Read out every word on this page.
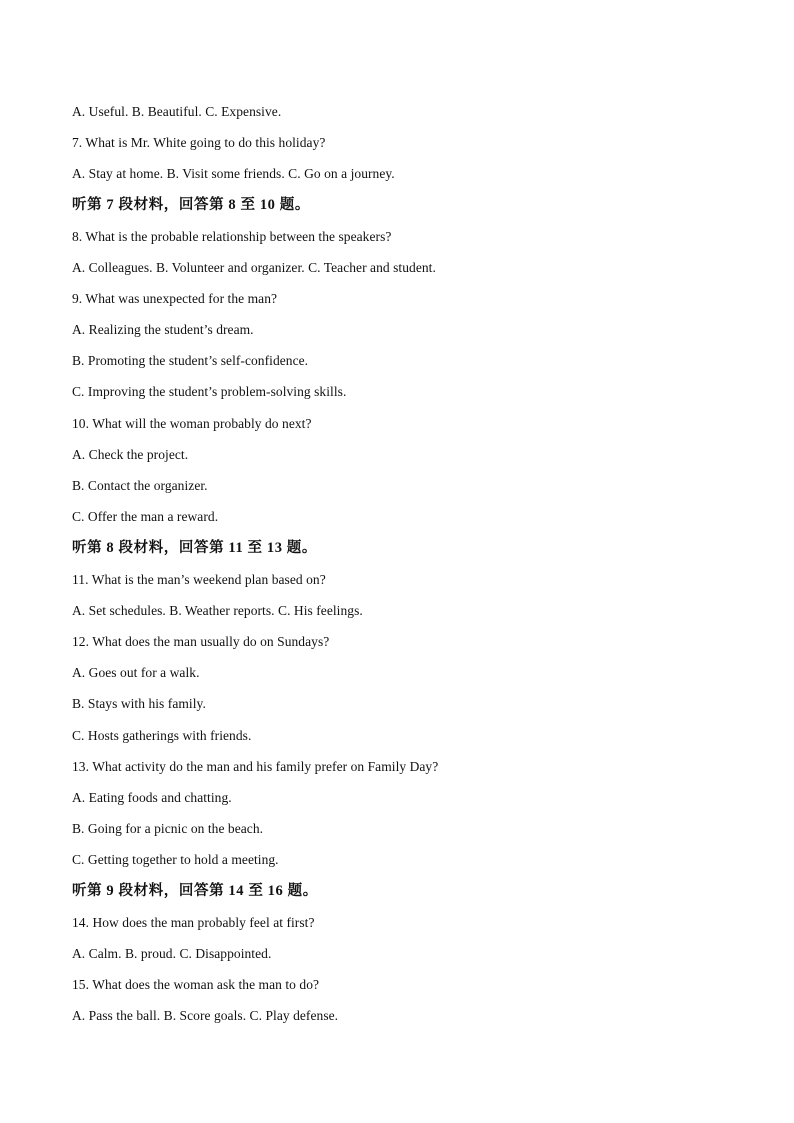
A. Useful. B. Beautiful. C. Expensive.
7. What is Mr. White going to do this holiday?
A. Stay at home. B. Visit some friends. C. Go on a journey.
听第 7 段材料，回答第 8 至 10 题。
8. What is the probable relationship between the speakers?
A. Colleagues. B. Volunteer and organizer. C. Teacher and student.
9. What was unexpected for the man?
A. Realizing the student’s dream.
B. Promoting the student’s self-confidence.
C. Improving the student’s problem-solving skills.
10. What will the woman probably do next?
A. Check the project.
B. Contact the organizer.
C. Offer the man a reward.
听第 8 段材料，回答第 11 至 13 题。
11. What is the man’s weekend plan based on?
A. Set schedules. B. Weather reports. C. His feelings.
12. What does the man usually do on Sundays?
A. Goes out for a walk.
B. Stays with his family.
C. Hosts gatherings with friends.
13. What activity do the man and his family prefer on Family Day?
A. Eating foods and chatting.
B. Going for a picnic on the beach.
C. Getting together to hold a meeting.
听第 9 段材料，回答第 14 至 16 题。
14. How does the man probably feel at first?
A. Calm. B. proud. C. Disappointed.
15. What does the woman ask the man to do?
A. Pass the ball. B. Score goals. C. Play defense.
